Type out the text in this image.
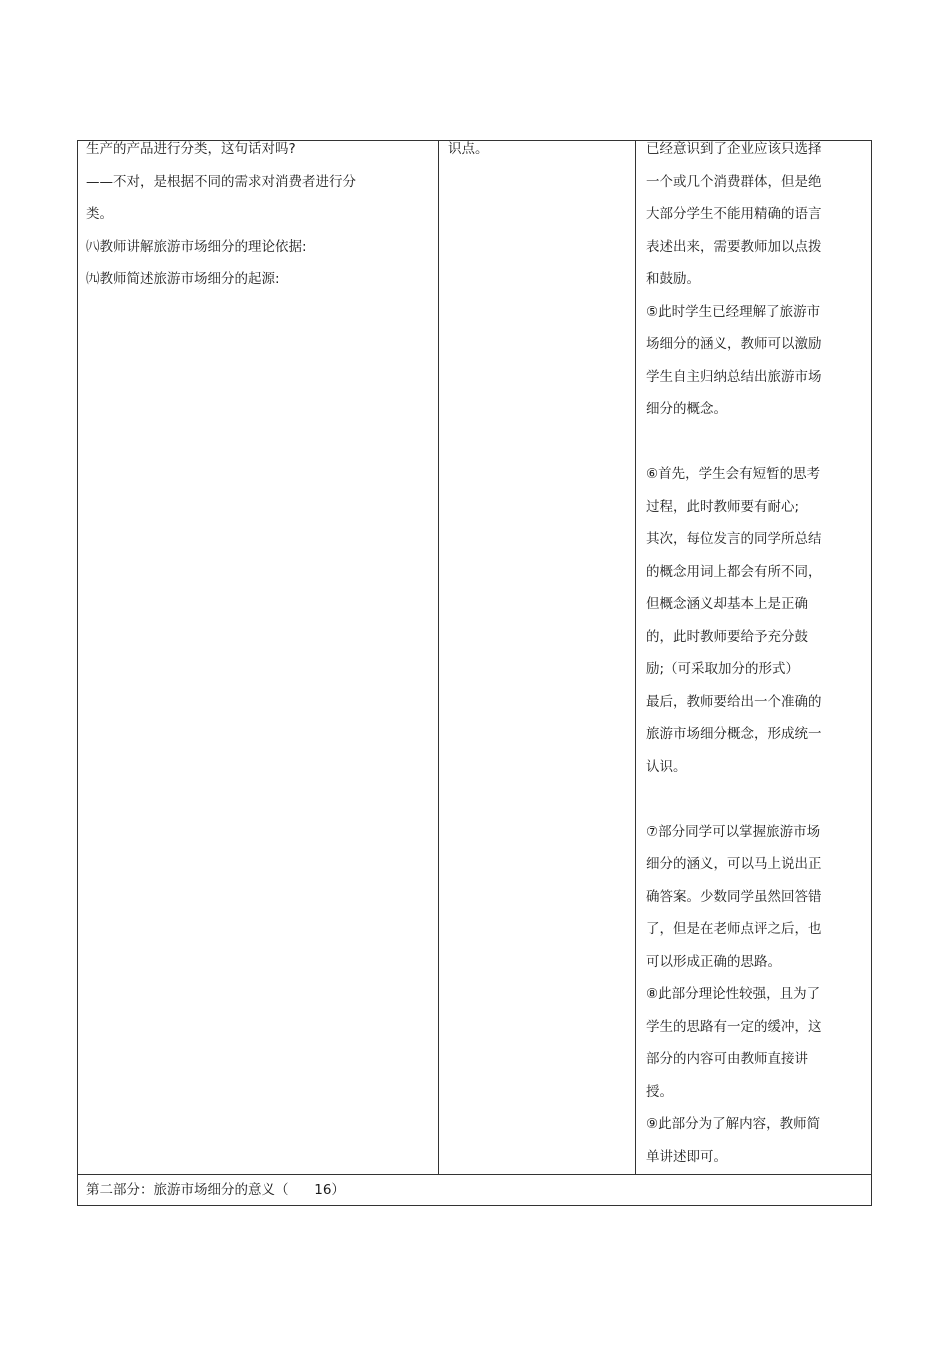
生产的产品进行分类，这句话对吗?
——不对，是根据不同的需求对消费者进行分
类。
㈧教师讲解旅游市场细分的理论依据:
㈨教师简述旅游市场细分的起源:
识点。	已经意识到了企业应该只选择
一个或几个消费群体，但是绝
大部分学生不能用精确的语言
表述出来，需要教师加以点拨
和鼓励。
⑤此时学生已经理解了旅游市
场细分的涵义，教师可以激励
学生自主归纳总结出旅游市场
细分的概念。
⑥首先，学生会有短暂的思考
过程，此时教师要有耐心;
其次，每位发言的同学所总结
的概念用词上都会有所不同，
但概念涵义却基本上是正确
的，此时教师要给予充分鼓
励;（可采取加分的形式）
最后，教师要给出一个准确的
旅游市场细分概念，形成统一
认识。
⑦部分同学可以掌握旅游市场
细分的涵义，可以马上说出正
确答案。少数同学虽然回答错
了，但是在老师点评之后，也
可以形成正确的思路。
⑧此部分理论性较强，且为了
学生的思路有一定的缓冲，这
部分的内容可由教师直接讲
授。
⑨此部分为了解内容，教师简
单讲述即可。
第二部分：旅游市场细分的意义（      16）
